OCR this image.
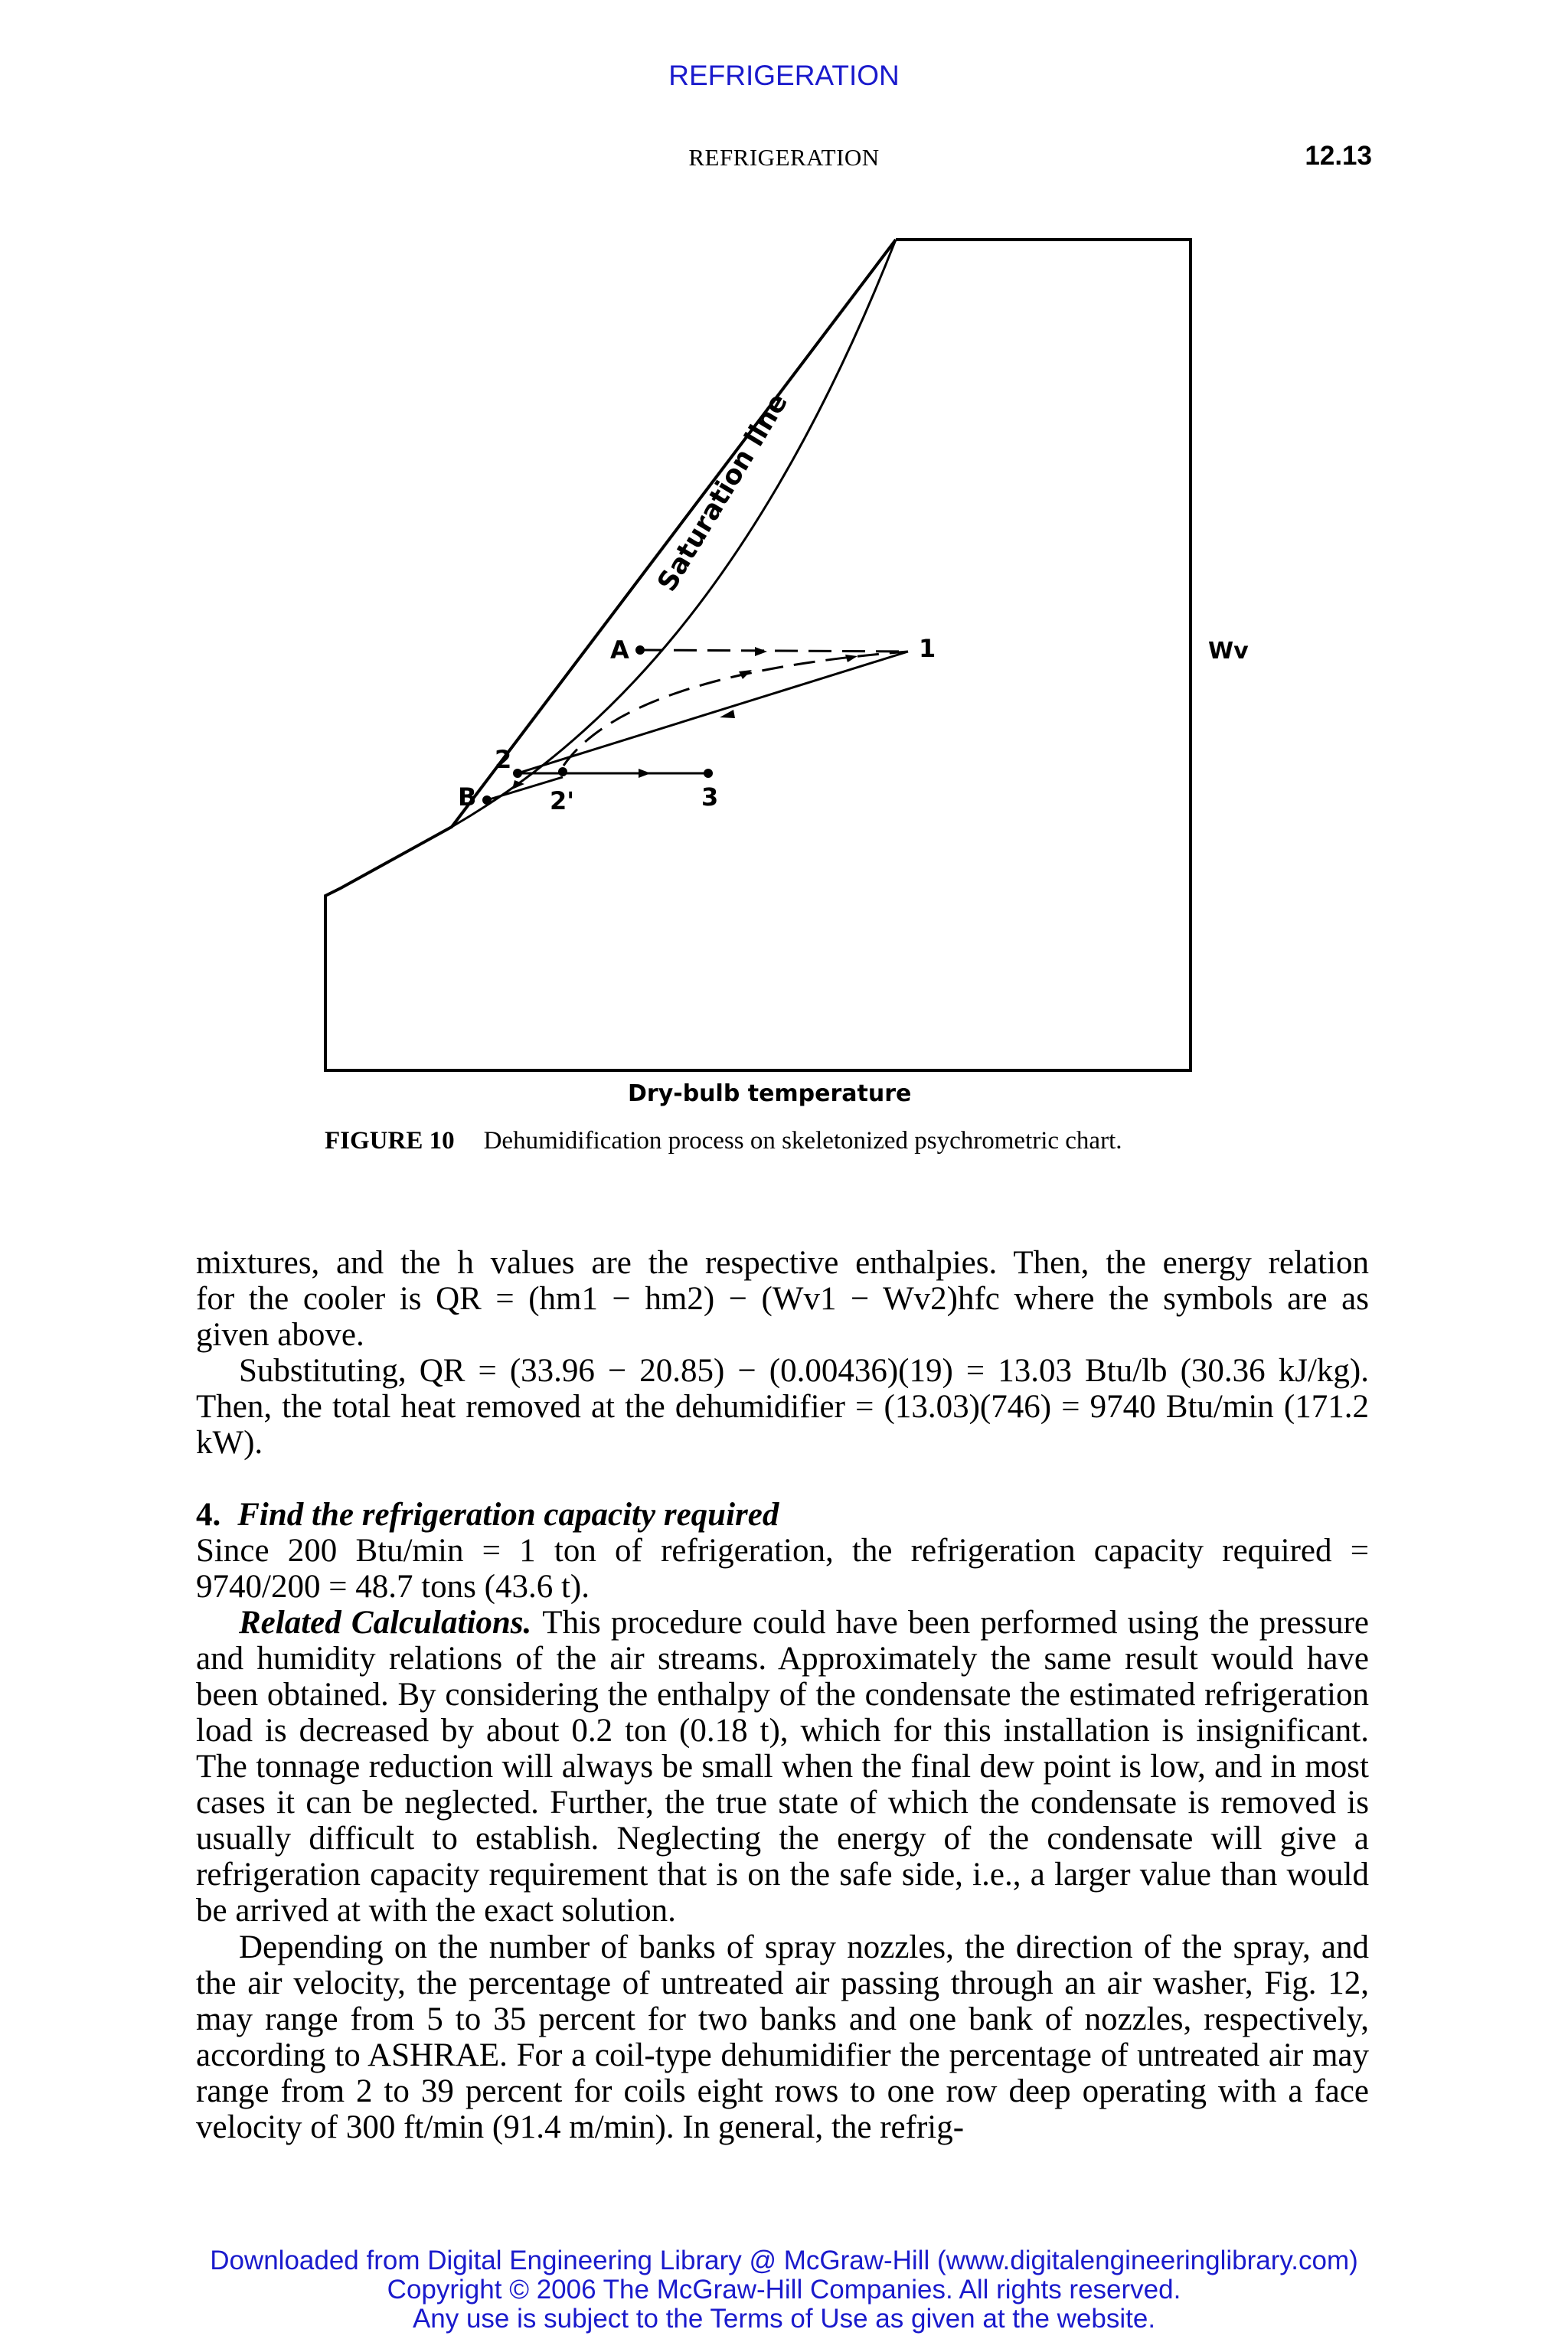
REFRIGERATION
REFRIGERATION	12.13
Saturation line
A	1
2
2'
B	3
Wv
Dry-bulb temperature
FIGURE 10 Dehumidification process on skeletonized psychrometric chart.

mixtures, and the h values are the respective enthalpies. Then, the energy relation

for the cooler is QR = (hm1 − hm2) − (Wv1 − Wv2)hfc where the symbols are as

given above.

Substituting, QR = (33.96 − 20.85) − (0.00436)(19) = 13.03 Btu/lb (30.36 kJ/kg). Then, the total heat removed at the dehumidifier = (13.03)(746) = 9740 Btu/min (171.2 kW).

4. Find the refrigeration capacity required

Since 200 Btu/min = 1 ton of refrigeration, the refrigeration capacity required = 9740/200 = 48.7 tons (43.6 t).

Related Calculations. This procedure could have been performed using the pressure and humidity relations of the air streams. Approximately the same result would have been obtained. By considering the enthalpy of the condensate the estimated refrigeration load is decreased by about 0.2 ton (0.18 t), which for this installation is insignificant. The tonnage reduction will always be small when the final dew point is low, and in most cases it can be neglected. Further, the true state of which the condensate is removed is usually difficult to establish. Neglecting the energy of the condensate will give a refrigeration capacity requirement that is on the safe side, i.e., a larger value than would be arrived at with the exact solution.

Depending on the number of banks of spray nozzles, the direction of the spray, and the air velocity, the percentage of untreated air passing through an air washer, Fig. 12, may range from 5 to 35 percent for two banks and one bank of nozzles, respectively, according to ASHRAE. For a coil-type dehumidifier the percentage of untreated air may range from 2 to 39 percent for coils eight rows to one row deep operating with a face velocity of 300 ft/min (91.4 m/min). In general, the refrig-

Downloaded from Digital Engineering Library @ McGraw-Hill (www.digitalengineeringlibrary.com)
Copyright © 2006 The McGraw-Hill Companies. All rights reserved.
Any use is subject to the Terms of Use as given at the website.
